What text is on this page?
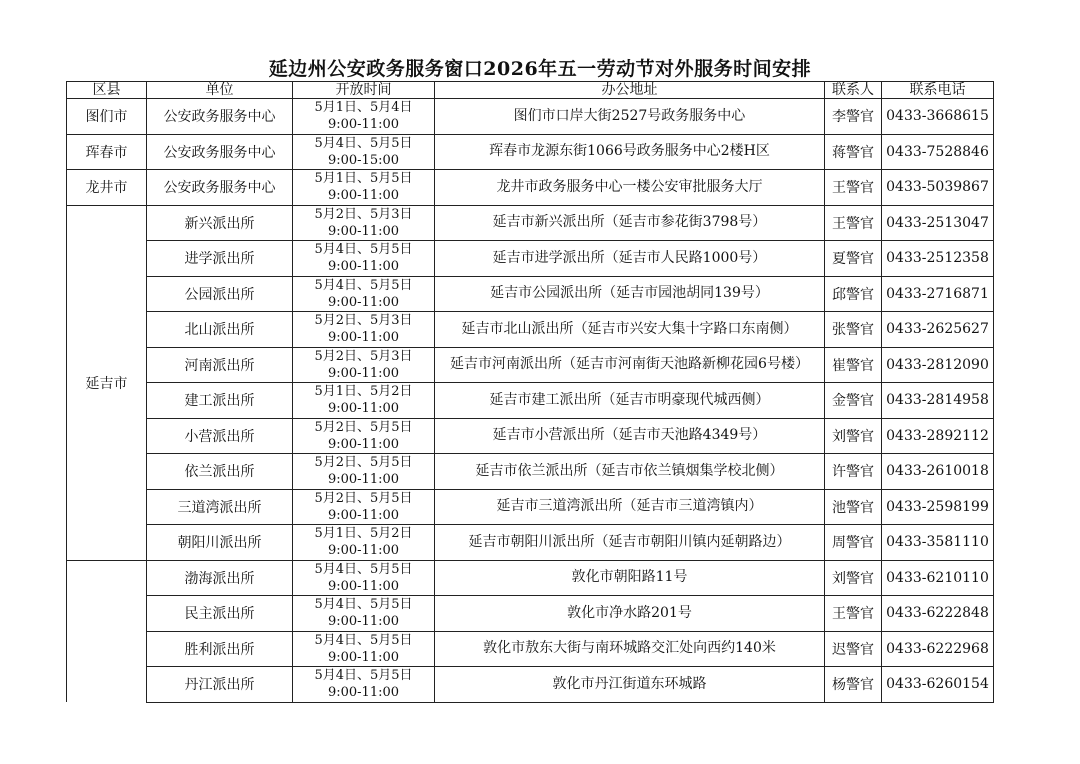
延边州公安政务服务窗口2026年五一劳动节对外服务时间安排
区县	单位	开放时间	办公地址	联系人	联系电话
图们市	公安政务服务中心	5月1日、5月4日
9:00-11:00	图们市口岸大街2527号政务服务中心	李警官	0433-3668615
珲春市	公安政务服务中心	5月4日、5月5日
9:00-15:00	珲春市龙源东街1066号政务服务中心2楼H区	蒋警官	0433-7528846
龙井市	公安政务服务中心	5月1日、5月5日
9:00-11:00	龙井市政务服务中心一楼公安审批服务大厅	王警官	0433-5039867
延吉市	新兴派出所	5月2日、5月3日
9:00-11:00	延吉市新兴派出所（延吉市参花街3798号）	王警官	0433-2513047
	进学派出所	5月4日、5月5日
9:00-11:00	延吉市进学派出所（延吉市人民路1000号）	夏警官	0433-2512358
	公园派出所	5月4日、5月5日
9:00-11:00	延吉市公园派出所（延吉市园池胡同139号）	邱警官	0433-2716871
	北山派出所	5月2日、5月3日
9:00-11:00	延吉市北山派出所（延吉市兴安大集十字路口东南侧）	张警官	0433-2625627
	河南派出所	5月2日、5月3日
9:00-11:00	延吉市河南派出所（延吉市河南街天池路新柳花园6号楼）	崔警官	0433-2812090
	建工派出所	5月1日、5月2日
9:00-11:00	延吉市建工派出所（延吉市明豪现代城西侧）	金警官	0433-2814958
	小营派出所	5月2日、5月5日
9:00-11:00	延吉市小营派出所（延吉市天池路4349号）	刘警官	0433-2892112
	依兰派出所	5月2日、5月5日
9:00-11:00	延吉市依兰派出所（延吉市依兰镇烟集学校北侧）	许警官	0433-2610018
	三道湾派出所	5月2日、5月5日
9:00-11:00	延吉市三道湾派出所（延吉市三道湾镇内）	池警官	0433-2598199
	朝阳川派出所	5月1日、5月2日
9:00-11:00	延吉市朝阳川派出所（延吉市朝阳川镇内延朝路边）	周警官	0433-3581110
	渤海派出所	5月4日、5月5日
9:00-11:00	敦化市朝阳路11号	刘警官	0433-6210110
	民主派出所	5月4日、5月5日
9:00-11:00	敦化市净水路201号	王警官	0433-6222848
	胜利派出所	5月4日、5月5日
9:00-11:00	敦化市敖东大街与南环城路交汇处向西约140米	迟警官	0433-6222968
	丹江派出所	5月4日、5月5日
9:00-11:00	敦化市丹江街道东环城路	杨警官	0433-6260154
